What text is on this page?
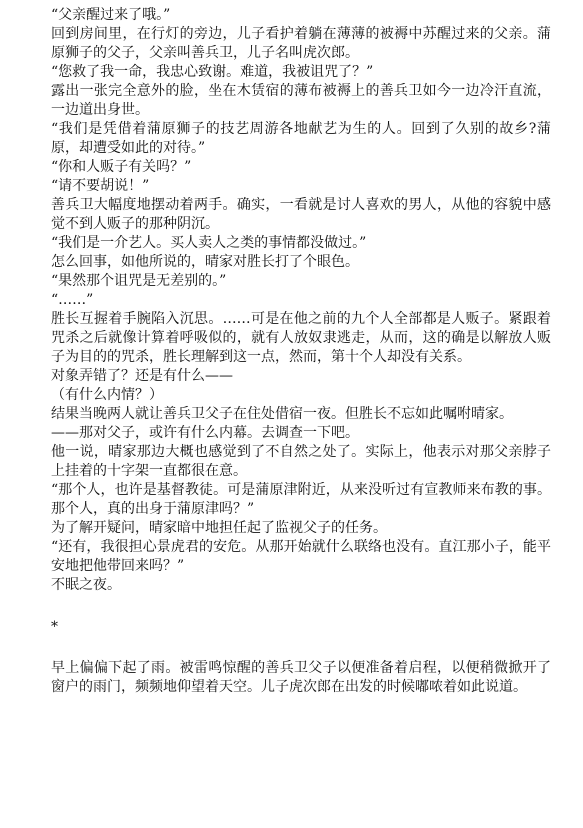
“父亲醒过来了哦。”

回到房间里，在行灯的旁边，儿子看护着躺在薄薄的被褥中苏醒过来的父亲。蒲原狮子的父子，父亲叫善兵卫，儿子名叫虎次郎。

“您救了我一命，我忠心致谢。难道，我被诅咒了？”

露出一张完全意外的脸，坐在木赁宿的薄布被褥上的善兵卫如今一边冷汗直流，一边道出身世。

“我们是凭借着蒲原狮子的技艺周游各地献艺为生的人。回到了久别的故乡?蒲原，却遭受如此的对待。”

“你和人贩子有关吗？”

“请不要胡说！”

善兵卫大幅度地摆动着两手。确实，一看就是讨人喜欢的男人，从他的容貌中感觉不到人贩子的那种阴沉。

“我们是一介艺人。买人卖人之类的事情都没做过。”

怎么回事，如他所说的，晴家对胜长打了个眼色。

“果然那个诅咒是无差别的。”

“……”

胜长互握着手腕陷入沉思。……可是在他之前的九个人全部都是人贩子。紧跟着咒杀之后就像计算着呼吸似的，就有人放奴隶逃走，从而，这的确是以解放人贩子为目的的咒杀，胜长理解到这一点，然而，第十个人却没有关系。

对象弄错了？还是有什么——

（有什么内情？）

结果当晚两人就让善兵卫父子在住处借宿一夜。但胜长不忘如此嘱咐晴家。

——那对父子，或许有什么内幕。去调查一下吧。

他一说，晴家那边大概也感觉到了不自然之处了。实际上，他表示对那父亲脖子上挂着的十字架一直都很在意。

“那个人，也许是基督教徒。可是蒲原津附近，从来没听过有宣教师来布教的事。那个人，真的出身于蒲原津吗？”

为了解开疑问，晴家暗中地担任起了监视父子的任务。

“还有，我很担心景虎君的安危。从那开始就什么联络也没有。直江那小子，能平安地把他带回来吗？”

不眠之夜。

*

早上偏偏下起了雨。被雷鸣惊醒的善兵卫父子以便准备着启程，以便稍微掀开了窗户的雨门，频频地仰望着天空。儿子虎次郎在出发的时候嘟哝着如此说道。
